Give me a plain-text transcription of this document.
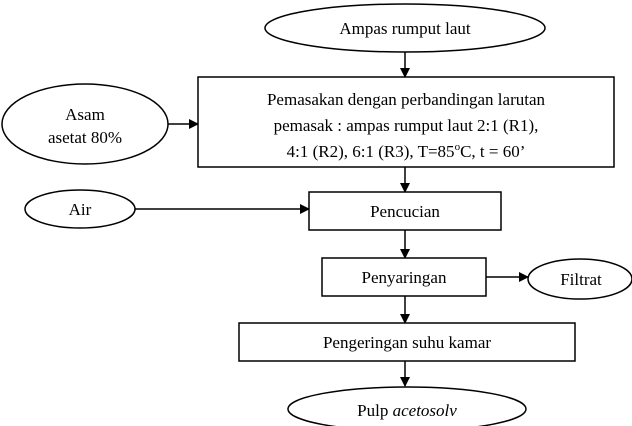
Ampas rumput laut
Asam
asetat 80%
Pemasakan dengan perbandingan larutan
pemasak : ampas rumput laut 2:1 (R1),
4:1 (R2), 6:1 (R3), $T=85^oC$, t = 60’
Air	Pencucian
Penyaringan	Filtrat
Pengeringan suhu kamar
Pulp acetosolv
